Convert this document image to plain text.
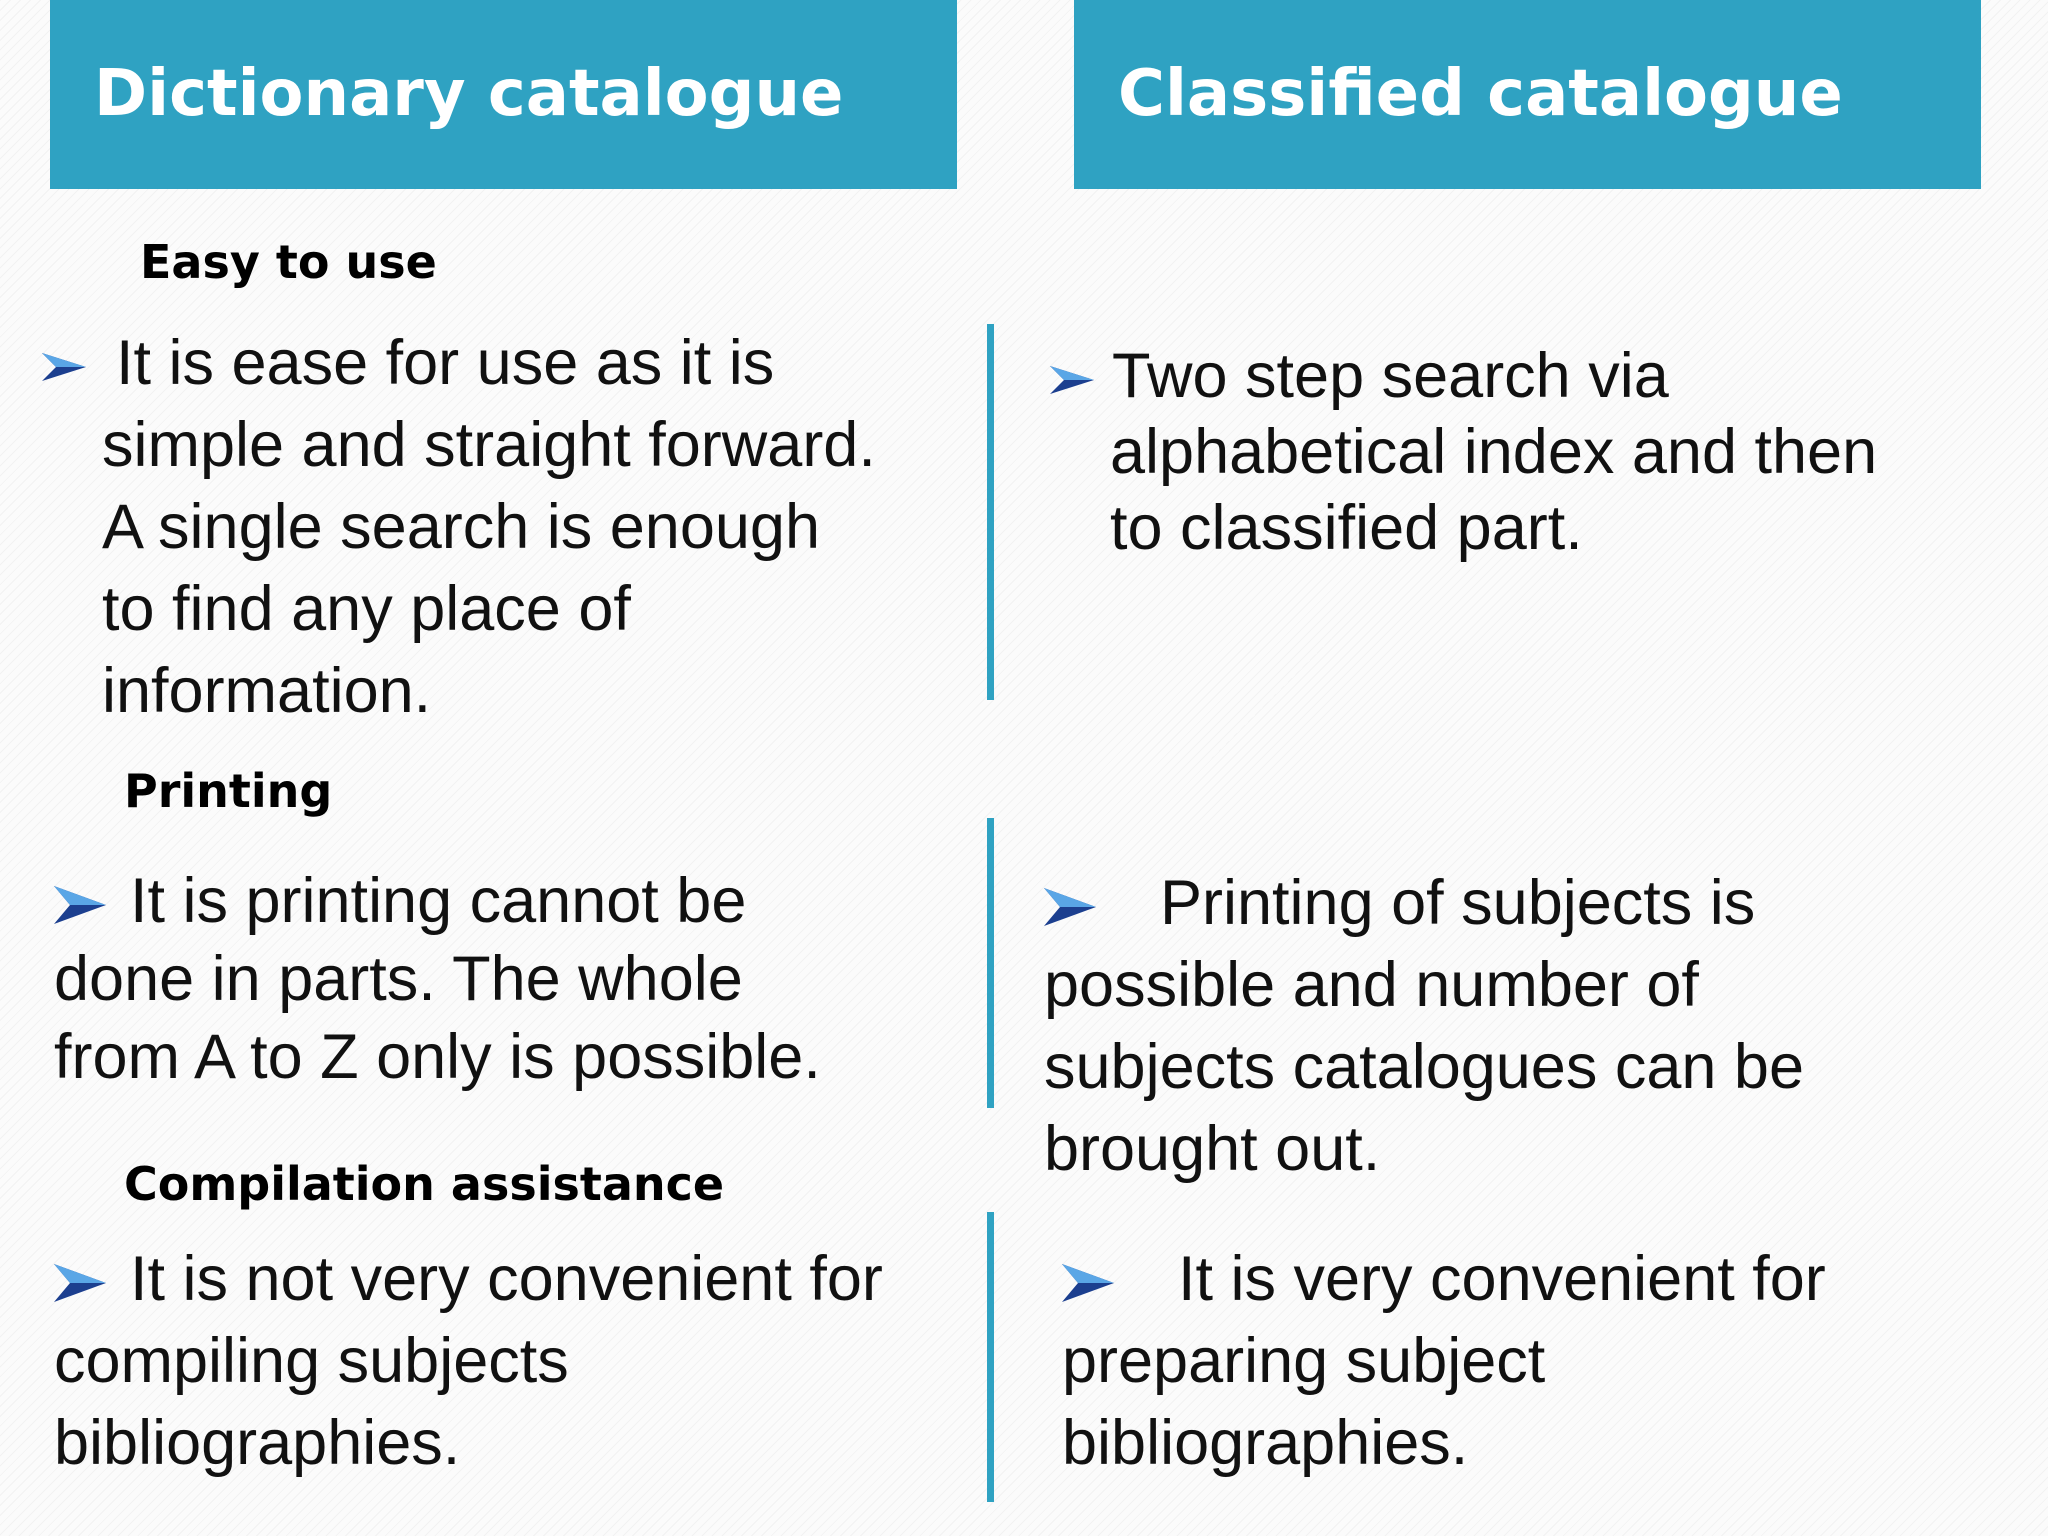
Dictionary catalogue	Classified catalogue
Easy to use
Printing
Compilation assistance
It is ease for use as it is
simple and straight forward.
A single search is enough
to find any place of
information.
Two step search via
alphabetical index and then
to classified part.
It is printing cannot be
done in parts. The whole
from A to Z only is possible.
Printing of subjects is
possible and number of
subjects catalogues can be
brought out.
It is not very convenient for
compiling subjects
bibliographies.
It is very convenient for
preparing subject
bibliographies.
